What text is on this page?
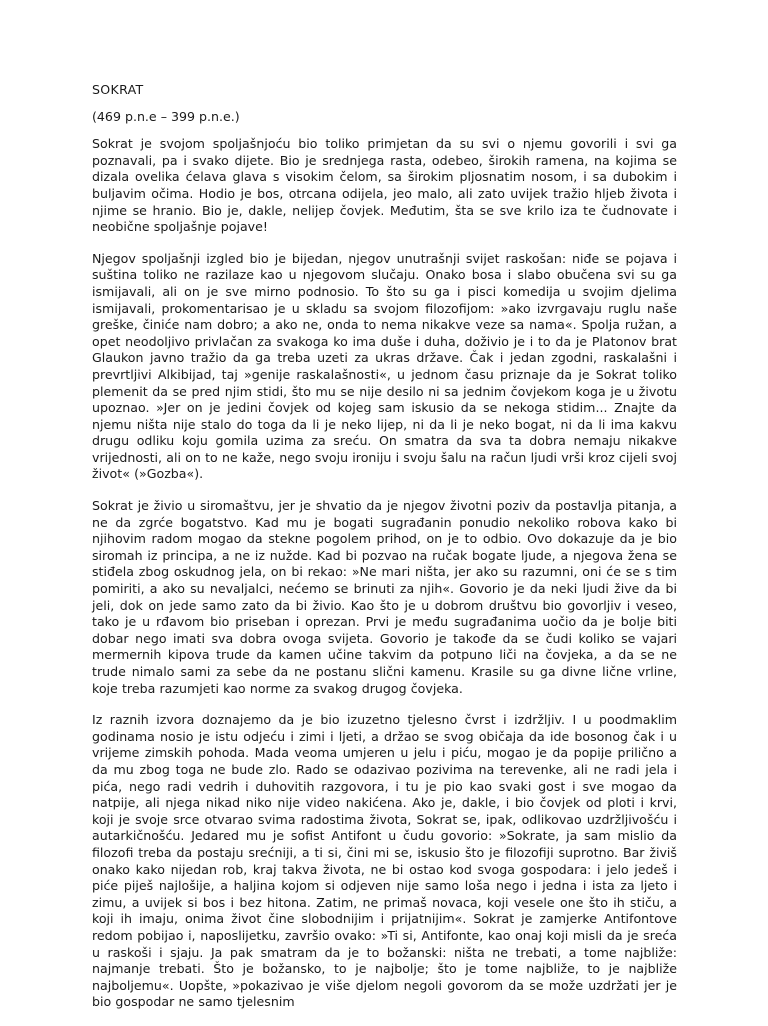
SOKRAT
(469 p.n.e – 399 p.n.e.)

Sokrat je svojom spoljašnjoću bio toliko primjetan da su svi o njemu govorili i svi ga poznavali, pa i svako dijete. Bio je srednjega rasta, odebeo, širokih ramena, na kojima se dizala ovelika ćelava glava s visokim čelom, sa širokim pljosnatim nosom, i sa dubokim i buljavim očima. Hodio je bos, otrcana odijela, jeo malo, ali zato uvijek tražio hljeb života i njime se hranio. Bio je, dakle, nelijep čovjek. Međutim, šta se sve krilo iza te čudnovate i neobične spoljašnje pojave!

Njegov spoljašnji izgled bio je bijedan, njegov unutrašnji svijet raskošan: niđe se pojava i suština toliko ne razilaze kao u njegovom slučaju. Onako bosa i slabo obučena svi su ga ismijavali, ali on je sve mirno podnosio. To što su ga i pisci komedija u svojim djelima ismijavali, prokomentarisao je u skladu sa svojom filozofijom: »ako izvrgavaju ruglu naše greške, činiće nam dobro; a ako ne, onda to nema nikakve veze sa nama«. Spolja ružan, a opet neodoljivo privlačan za svakoga ko ima duše i duha, doživio je i to da je Platonov brat Glaukon javno tražio da ga treba uzeti za ukras države. Čak i jedan zgodni, raskalašni i prevrtljivi Alkibijad, taj »genije raskalašnosti«, u jednom času priznaje da je Sokrat toliko plemenit da se pred njim stidi, što mu se nije desilo ni sa jednim čovjekom koga je u životu upoznao. »Jer on je jedini čovjek od kojeg sam iskusio da se nekoga stidim... Znajte da njemu ništa nije stalo do toga da li je neko lijep, ni da li je neko bogat, ni da li ima kakvu drugu odliku koju gomila uzima za sreću. On smatra da sva ta dobra nemaju nikakve vrijednosti, ali on to ne kaže, nego svoju ironiju i svoju šalu na račun ljudi vrši kroz cijeli svoj život« (»Gozba«).

Sokrat je živio u siromaštvu, jer je shvatio da je njegov životni poziv da postavlja pitanja, a ne da zgrće bogatstvo. Kad mu je bogati sugrađanin ponudio nekoliko robova kako bi njihovim radom mogao da stekne pogolem prihod, on je to odbio. Ovo dokazuje da je bio siromah iz principa, a ne iz nužde. Kad bi pozvao na ručak bogate ljude, a njegova žena se stiđela zbog oskudnog jela, on bi rekao: »Ne mari ništa, jer ako su razumni, oni će se s tim pomiriti, a ako su nevaljalci, nećemo se brinuti za njih«. Govorio je da neki ljudi žive da bi jeli, dok on jede samo zato da bi živio. Kao što je u dobrom društvu bio govorljiv i veseo, tako je u rđavom bio priseban i oprezan. Prvi je među sugrađanima uočio da je bolje biti dobar nego imati sva dobra ovoga svijeta. Govorio je takođe da se čudi koliko se vajari mermernih kipova trude da kamen učine takvim da potpuno liči na čovjeka, a da se ne trude nimalo sami za sebe da ne postanu slični kamenu. Krasile su ga divne lične vrline, koje treba razumjeti kao norme za svakog drugog čovjeka.

Iz raznih izvora doznajemo da je bio izuzetno tjelesno čvrst i izdržljiv. I u poodmaklim godinama nosio je istu odjeću i zimi i ljeti, a držao se svog običaja da ide bosonog čak i u vrijeme zimskih pohoda. Mada veoma umjeren u jelu i piću, mogao je da popije prilično a da mu zbog toga ne bude zlo. Rado se odazivao pozivima na terevenke, ali ne radi jela i pića, nego radi vedrih i duhovitih razgovora, i tu je pio kao svaki gost i sve mogao da natpije, ali njega nikad niko nije video nakićena. Ako je, dakle, i bio čovjek od ploti i krvi, koji je svoje srce otvarao svima radostima života, Sokrat se, ipak, odlikovao uzdržljivošću i autarkičnošću. Jedared mu je sofist Antifont u čudu govorio: »Sokrate, ja sam mislio da filozofi treba da postaju srećniji, a ti si, čini mi se, iskusio što je filozofiji suprotno. Bar živiš onako kako nijedan rob, kraj takva života, ne bi ostao kod svoga gospodara: i jelo jedeš i piće piješ najlošije, a haljina kojom si odjeven nije samo loša nego i jedna i ista za ljeto i zimu, a uvijek si bos i bez hitona. Zatim, ne primaš novaca, koji vesele one što ih stiču, a koji ih imaju, onima život čine slobodnijim i prijatnijim«. Sokrat je zamjerke Antifontove redom pobijao i, naposlijetku, završio ovako: »Ti si, Antifonte, kao onaj koji misli da je sreća u raskoši i sjaju. Ja pak smatram da je to božanski: ništa ne trebati, a tome najbliže: najmanje trebati. Što je božansko, to je najbolje; što je tome najbliže, to je najbliže najboljemu«. Uopšte, »pokazivao je više djelom negoli govorom da se može uzdržati jer je bio gospodar ne samo tjelesnim
